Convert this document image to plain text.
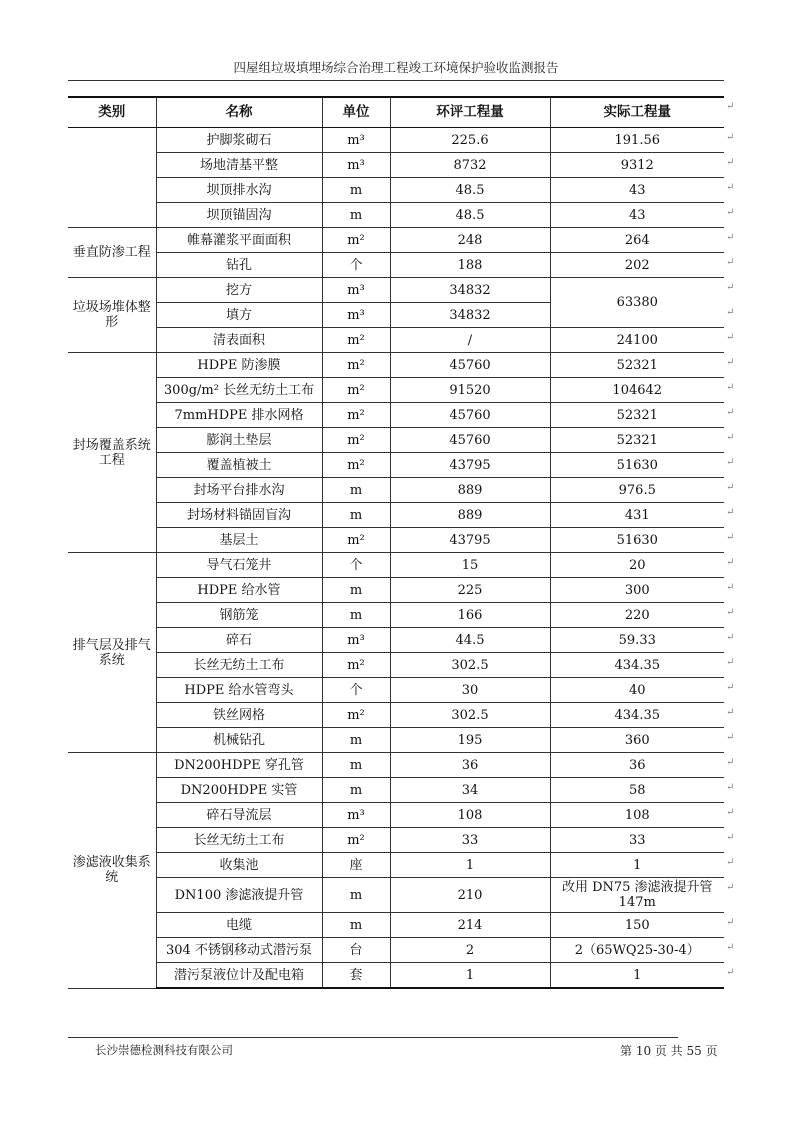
四屋组垃圾填埋场综合治理工程竣工环境保护验收监测报告
类别	名称	单位	环评工程量	实际工程量
	护脚浆砌石	m³	225.6	191.56
	场地清基平整	m³	8732	9312
	坝顶排水沟	m	48.5	43
	坝顶锚固沟	m	48.5	43
垂直防渗工程	帷幕灌浆平面面积	m²	248	264
	钻孔	个	188	202
垃圾场堆体整形	挖方	m³	34832	63380
	填方	m³	34832	
	清表面积	m²	/	24100
封场覆盖系统工程	HDPE 防渗膜	m²	45760	52321
	300g/m² 长丝无纺土工布	m²	91520	104642
	7mmHDPE 排水网格	m²	45760	52321
	膨润土垫层	m²	45760	52321
	覆盖植被土	m²	43795	51630
	封场平台排水沟	m	889	976.5
	封场材料锚固盲沟	m	889	431
	基层土	m²	43795	51630
排气层及排气系统	导气石笼井	个	15	20
	HDPE 给水管	m	225	300
	钢筋笼	m	166	220
	碎石	m³	44.5	59.33
	长丝无纺土工布	m²	302.5	434.35
	HDPE 给水管弯头	个	30	40
	铁丝网格	m²	302.5	434.35
	机械钻孔	m	195	360
渗滤液收集系统	DN200HDPE 穿孔管	m	36	36
	DN200HDPE 实管	m	34	58
	碎石导流层	m³	108	108
	长丝无纺土工布	m²	33	33
	收集池	座	1	1
	DN100 渗滤液提升管	m	210	改用 DN75 渗滤液提升管 147m
	电缆	m	214	150
	304 不锈钢移动式潜污泵	台	2	2（65WQ25-30-4）
	潜污泵液位计及配电箱	套	1	1
↵
↵
↵
↵
↵
↵
↵
↵
↵
↵
↵
↵
↵
↵
↵
↵
↵
↵
↵
↵
↵
↵
↵
↵
↵
↵
↵
↵
↵
↵
↵
↵
↵
↵
↵
长沙崇德检测科技有限公司	第 10 页 共 55 页
